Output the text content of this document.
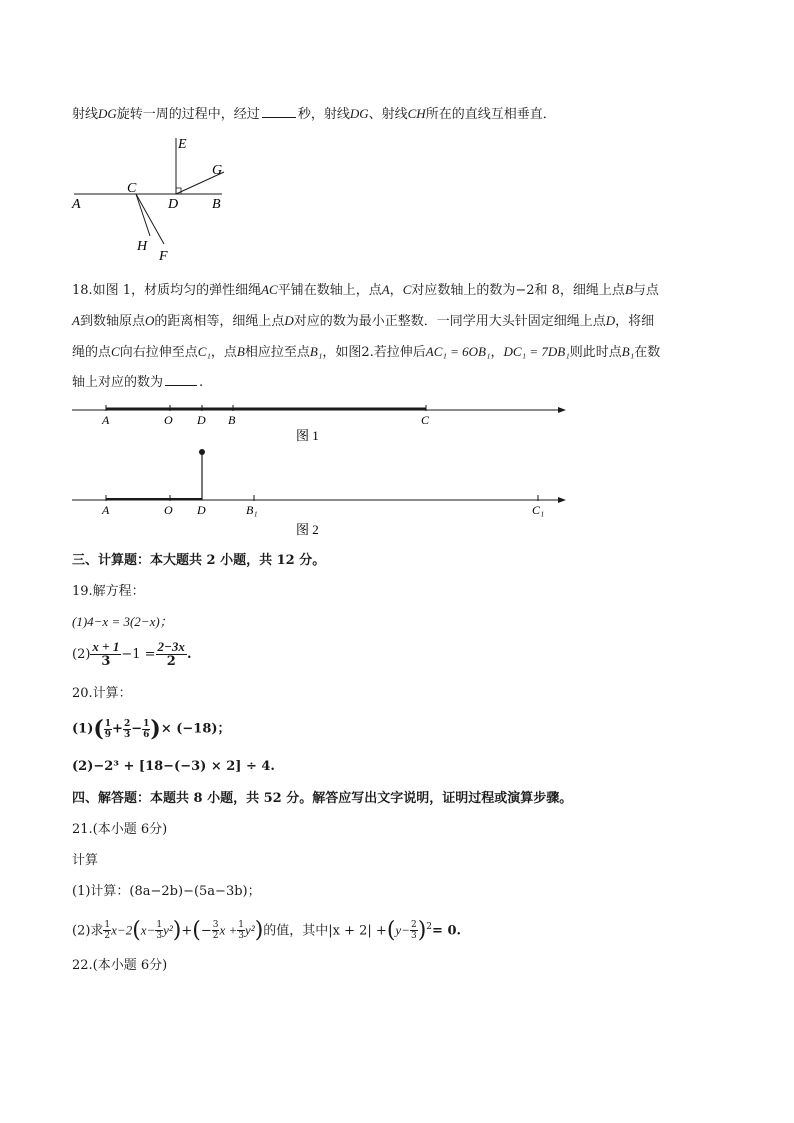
射线DG旋转一周的过程中，经过	秒，射线DG、射线CH所在的直线互相垂直．
E
G
C
A	D B
H
F
18.如图 1，材质均匀的弹性细绳AC平铺在数轴上，点A，C对应数轴上的数为−2和 8，细绳上点B与点
A到数轴原点O的距离相等，细绳上点D对应的数为最小正整数．一同学用大头针固定细绳上点D，将细
绳的点C向右拉伸至点C₁，点B相应拉至点B₁，如图2.若拉伸后AC₁ = 6OB₁，DC₁ = 7DB₁则此时点B₁在数
轴上对应的数为	.
A	O D B	C
图 1
A	O D	B₁	C₁
图 2
三、计算题：本大题共 2 小题，共 12 分。
19.解方程：
(1)4−x = 3(2−x)；
$(2) \frac{x + 1}{3} -1 = \frac{2-3x}{2}$ .
20.计算：
$(1)( \frac{1}{9} + \frac{2}{3} - \frac{1}{6}$ )× (−18)；
(2)−2³ + [18−(−3) × 2] ÷ 4.
四、解答题：本题共 8 小题，共 52 分。解答应写出文字说明，证明过程或演算步骤。
21.(本小题 6分)
计算
(1)计算：(8a−2b)−(5a−3b)；
(2)求 $\frac{1}{2} x-2(x- \frac{1}{3} y^2)+(- \frac{3}{2}$ $x + \frac{1}{3} y^2$)的值，其中$|x + 2| +(y- \frac{2}{3} )^2= 0$.
22.(本小题 6分)
